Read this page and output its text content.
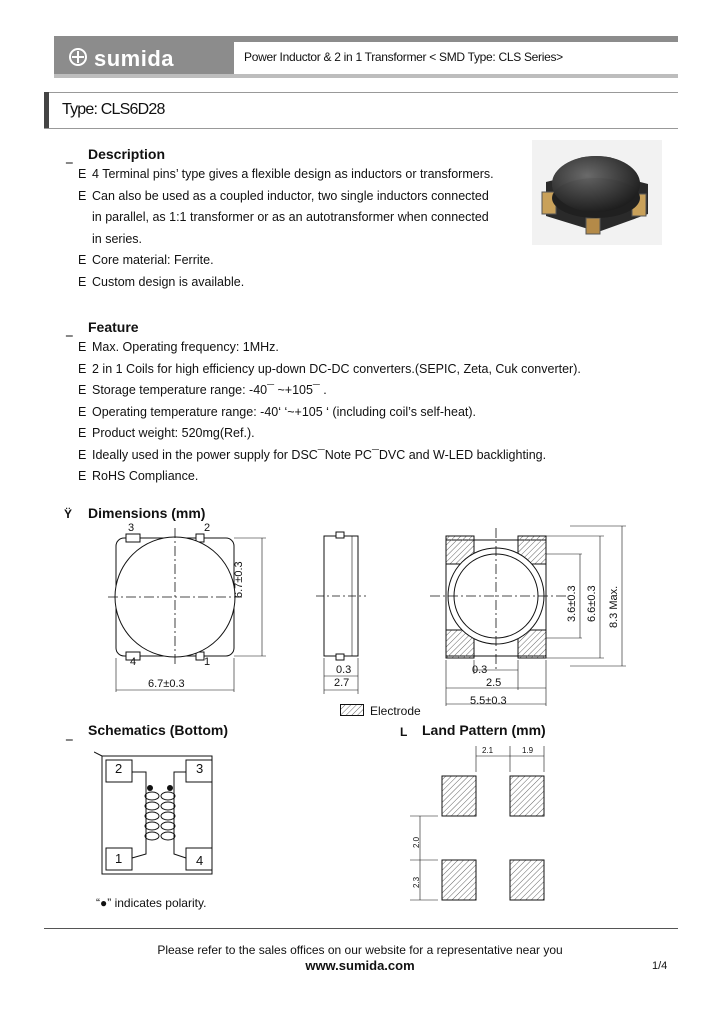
sumida	Power Inductor & 2 in 1 Transformer < SMD Type: CLS Series>
Type: CLS6D28
‗ Description
E 4 Terminal pins’ type gives a flexible design as inductors or transformers.
E Can also be used as a coupled inductor, two single inductors connected
in parallel, as 1:1 transformer or as an autotransformer when connected
in series.
E Core material: Ferrite.
E Custom design is available.
‗ Feature
E Max. Operating frequency: 1MHz.
E 2 in 1 Coils for high efficiency up-down DC-DC converters.(SEPIC, Zeta, Cuk converter).
E Storage temperature range: -40¯ ~+105¯ .
E Operating temperature range: -40‘ ‘~+105 ‘ (including coil’s self-heat).
E Product weight: 520mg(Ref.).
E Ideally used in the power supply for DSC¯Note PC¯DVC and W-LED backlighting.
E RoHS Compliance.
Ÿ Dimensions (mm)
3	2
4	1
6.7±0.3
6.7±0.3
0.3
2.7
0.3
2.5
5.5±0.3
3.6±0.3 6.6±0.3 8.3 Max.
Electrode
‗ Schematics (Bottom)
2	3
1	4
“●” indicates polarity.
L Land Pattern (mm)
2.1	1.9
2.0
2.3
Please refer to the sales offices on our website for a representative near you
www.sumida.com	1/4
